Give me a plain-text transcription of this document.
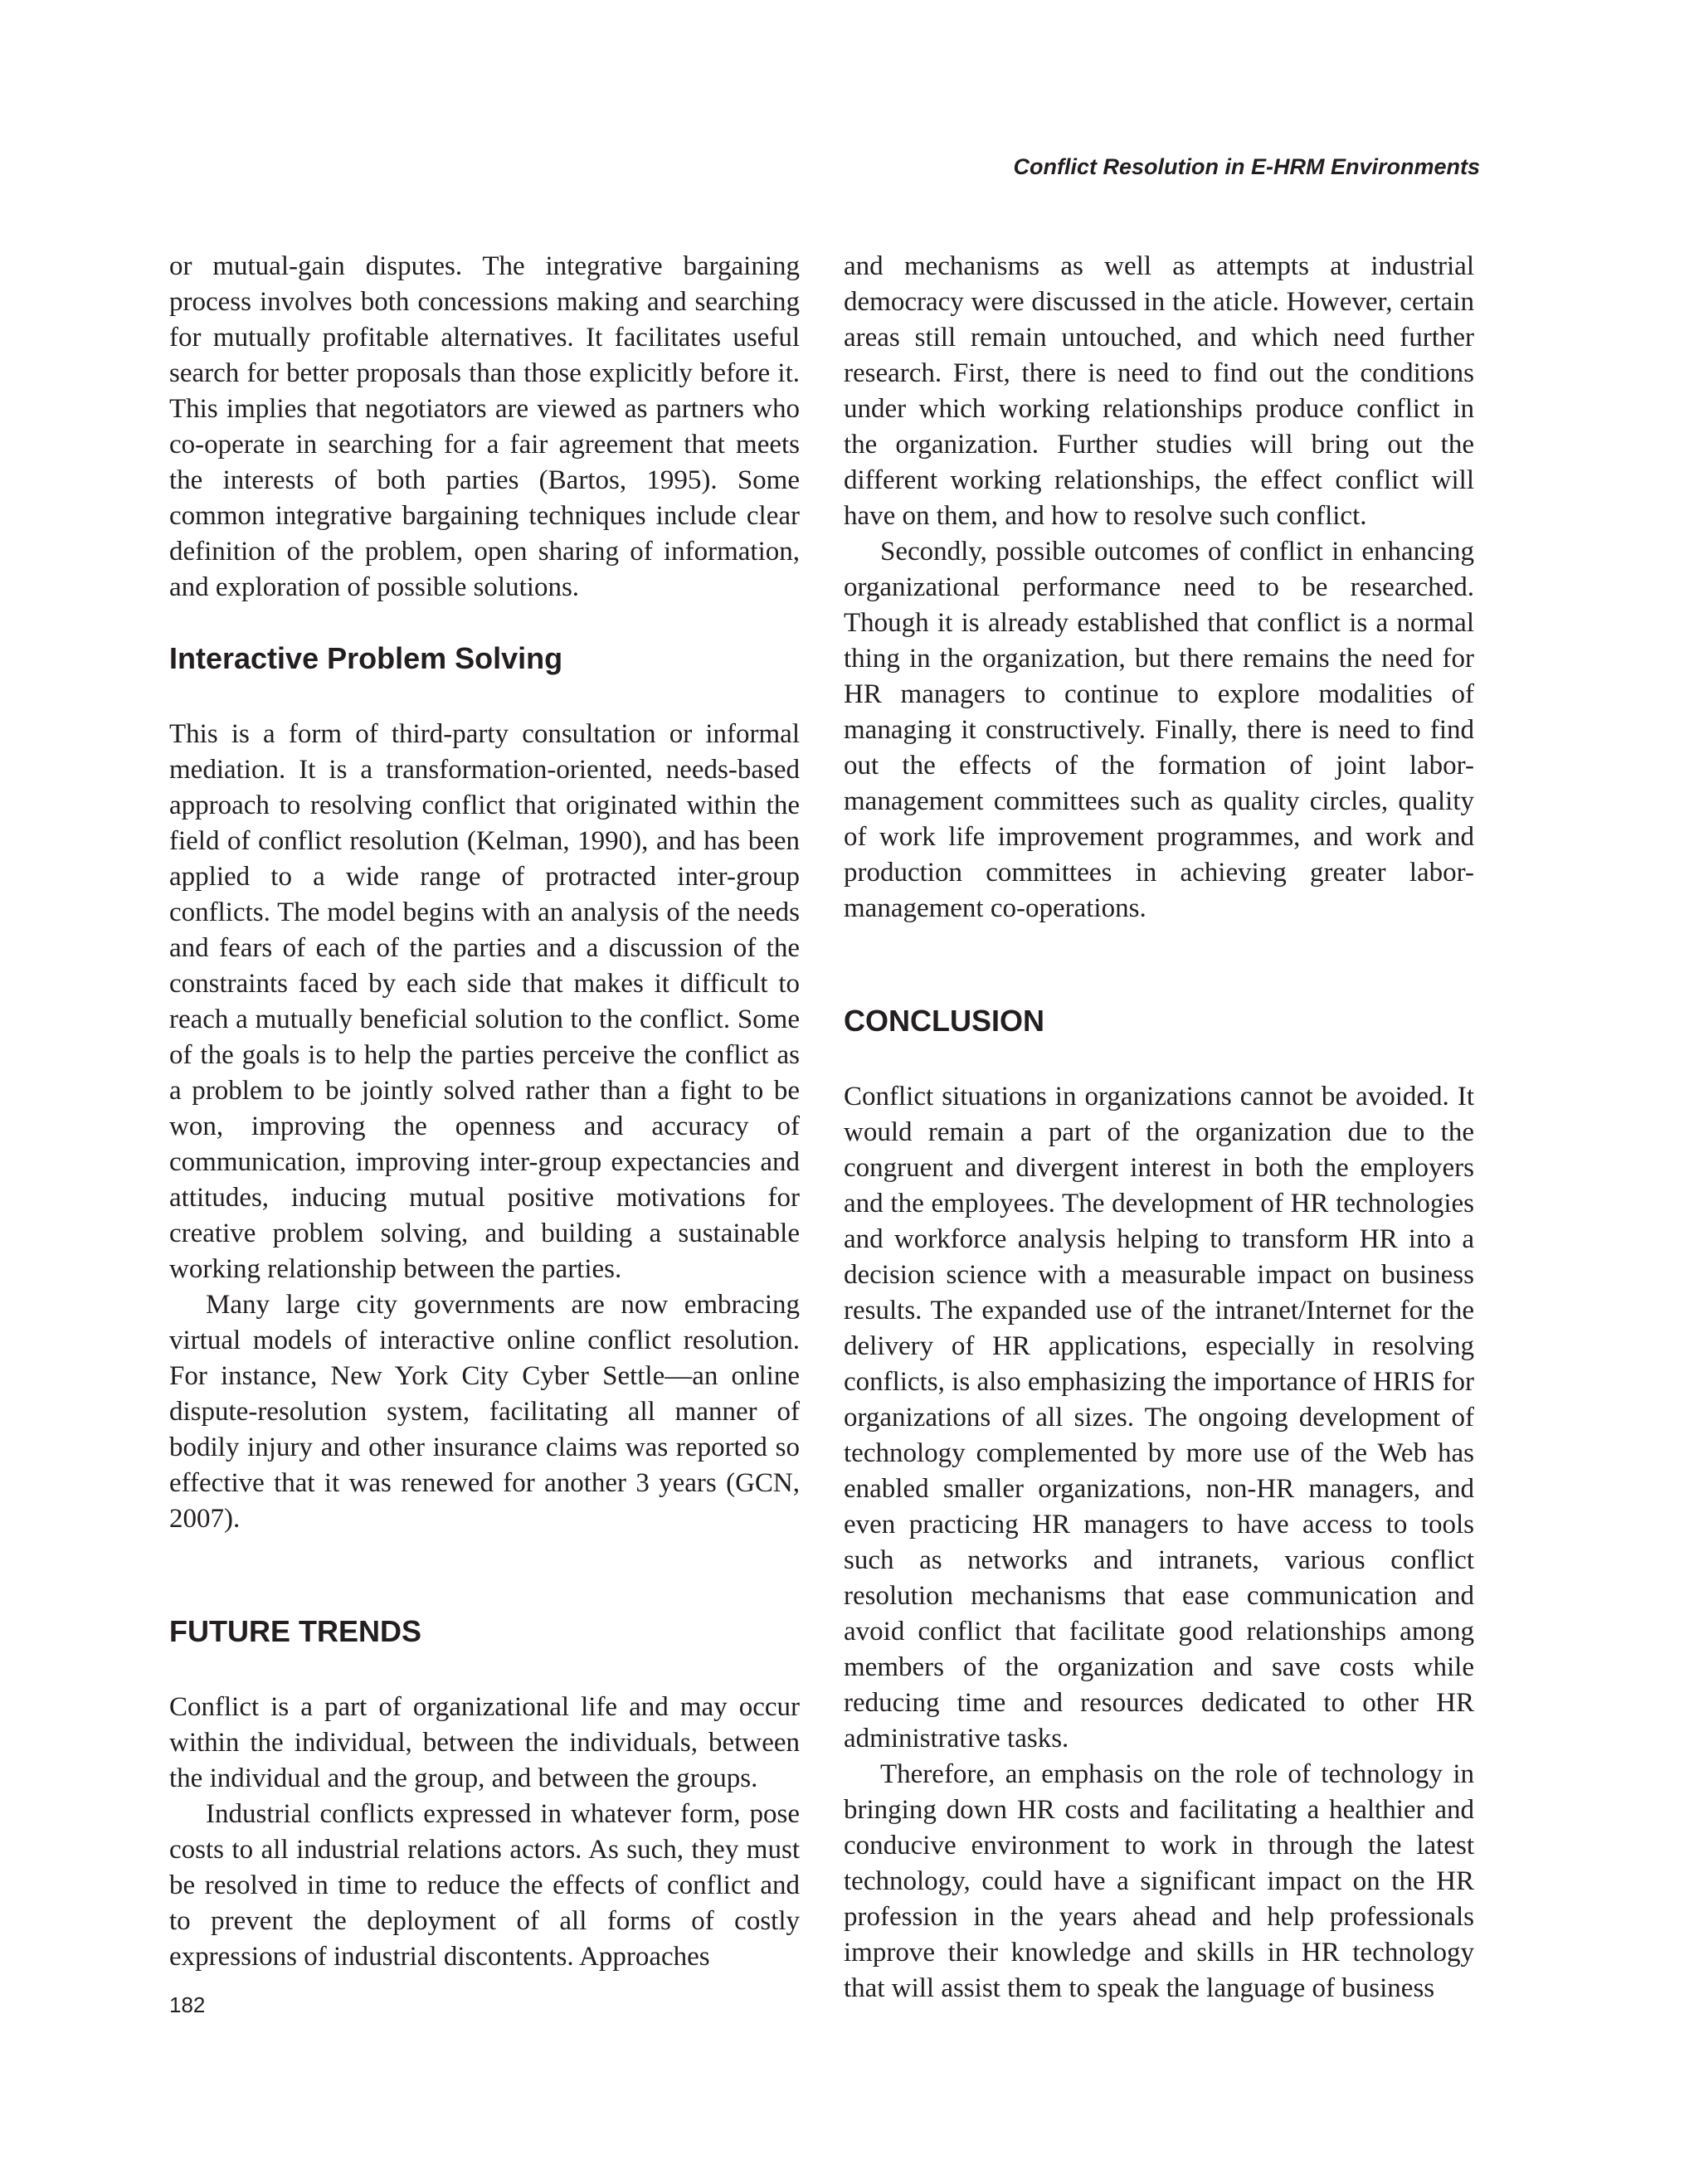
Conflict Resolution in E-HRM Environments

or mutual-gain disputes. The integrative bargaining process involves both concessions making and searching for mutually profitable alternatives. It facilitates useful search for better proposals than those explicitly before it. This implies that negotiators are viewed as partners who co-operate in searching for a fair agreement that meets the interests of both parties (Bartos, 1995). Some common integrative bargaining techniques include clear definition of the problem, open sharing of information, and exploration of possible solutions.

Interactive Problem Solving

This is a form of third-party consultation or informal mediation. It is a transformation-oriented, needs-based approach to resolving conflict that originated within the field of conflict resolution (Kelman, 1990), and has been applied to a wide range of protracted inter-group conflicts. The model begins with an analysis of the needs and fears of each of the parties and a discussion of the constraints faced by each side that makes it difficult to reach a mutually beneficial solution to the conflict. Some of the goals is to help the parties perceive the conflict as a problem to be jointly solved rather than a fight to be won, improving the openness and accuracy of communication, improving inter-group expectancies and attitudes, inducing mutual positive motivations for creative problem solving, and building a sustainable working relationship between the parties.

Many large city governments are now embracing virtual models of interactive online conflict resolution. For instance, New York City Cyber Settle—an online dispute-resolution system, facilitating all manner of bodily injury and other insurance claims was reported so effective that it was renewed for another 3 years (GCN, 2007).

FUTURE TRENDS

Conflict is a part of organizational life and may occur within the individual, between the individuals, between the individual and the group, and between the groups.

Industrial conflicts expressed in whatever form, pose costs to all industrial relations actors. As such, they must be resolved in time to reduce the effects of conflict and to prevent the deployment of all forms of costly expressions of industrial discontents. Approaches

and mechanisms as well as attempts at industrial democracy were discussed in the aticle. However, certain areas still remain untouched, and which need further research. First, there is need to find out the conditions under which working relationships produce conflict in the organization. Further studies will bring out the different working relationships, the effect conflict will have on them, and how to resolve such conflict.

Secondly, possible outcomes of conflict in enhancing organizational performance need to be researched. Though it is already established that conflict is a normal thing in the organization, but there remains the need for HR managers to continue to explore modalities of managing it constructively. Finally, there is need to find out the effects of the formation of joint labor-management committees such as quality circles, quality of work life improvement programmes, and work and production committees in achieving greater labor-management co-operations.

CONCLUSION

Conflict situations in organizations cannot be avoided. It would remain a part of the organization due to the congruent and divergent interest in both the employers and the employees. The development of HR technologies and workforce analysis helping to transform HR into a decision science with a measurable impact on business results. The expanded use of the intranet/Internet for the delivery of HR applications, especially in resolving conflicts, is also emphasizing the importance of HRIS for organizations of all sizes. The ongoing development of technology complemented by more use of the Web has enabled smaller organizations, non-HR managers, and even practicing HR managers to have access to tools such as networks and intranets, various conflict resolution mechanisms that ease communication and avoid conflict that facilitate good relationships among members of the organization and save costs while reducing time and resources dedicated to other HR administrative tasks.

Therefore, an emphasis on the role of technology in bringing down HR costs and facilitating a healthier and conducive environment to work in through the latest technology, could have a significant impact on the HR profession in the years ahead and help professionals improve their knowledge and skills in HR technology that will assist them to speak the language of business

182
